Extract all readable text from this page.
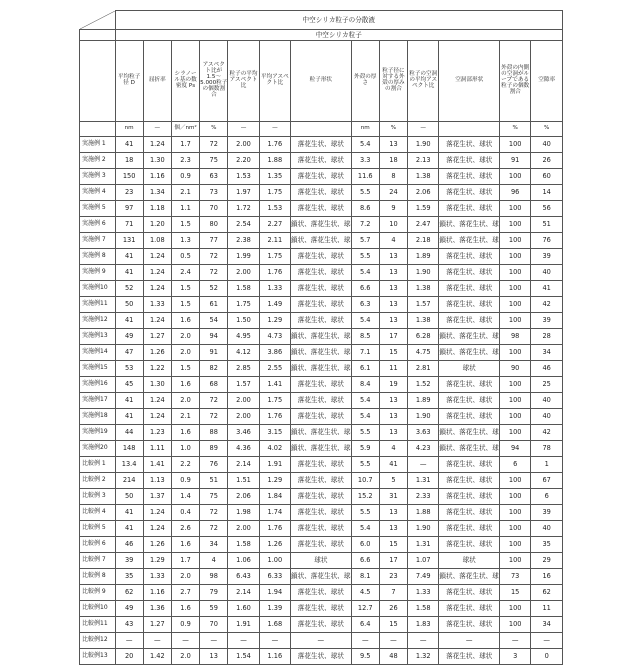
	中空シリカ粒子の分散液
	中空シリカ粒子
	平均粒子径 D	屈折率	シラノール基の数密度 Ps	アスペクト比が1.5〜5.000粒子の個数割合	粒子の平均アスペクト比	平均アスペクト比	粒子形状	外殻の厚さ	粒子径に対する外殻の厚みの割合	粒子の空洞の平均アスペクト比	空洞部形状	外殻の内側の空洞がループである粒子の個数割合	空隙率
	nm	—	個／nm²	%	—	—		nm	%	—		%	%
実施例 1	41	1.24	1.7	72	2.00	1.76	落花生状、球状	5.4	13	1.90	落花生状、球状	100	40
実施例 2	18	1.30	2.3	75	2.20	1.88	落花生状、球状	3.3	18	2.13	落花生状、球状	91	26
実施例 3	150	1.16	0.9	63	1.53	1.35	落花生状、球状	11.6	8	1.38	落花生状、球状	100	60
実施例 4	23	1.34	2.1	73	1.97	1.75	落花生状、球状	5.5	24	2.06	落花生状、球状	96	14
実施例 5	97	1.18	1.1	70	1.72	1.53	落花生状、球状	8.6	9	1.59	落花生状、球状	100	56
実施例 6	71	1.20	1.5	80	2.54	2.27	鎖状、落花生状、球状	7.2	10	2.47	鎖状、落花生状、球状	100	51
実施例 7	131	1.08	1.3	77	2.38	2.11	鎖状、落花生状、球状	5.7	4	2.18	鎖状、落花生状、球状	100	76
実施例 8	41	1.24	0.5	72	1.99	1.75	落花生状、球状	5.5	13	1.89	落花生状、球状	100	39
実施例 9	41	1.24	2.4	72	2.00	1.76	落花生状、球状	5.4	13	1.90	落花生状、球状	100	40
実施例10	52	1.24	1.5	52	1.58	1.33	落花生状、球状	6.6	13	1.38	落花生状、球状	100	41
実施例11	50	1.33	1.5	61	1.75	1.49	落花生状、球状	6.3	13	1.57	落花生状、球状	100	42
実施例12	41	1.24	1.6	54	1.50	1.29	落花生状、球状	5.4	13	1.38	落花生状、球状	100	39
実施例13	49	1.27	2.0	94	4.95	4.73	鎖状、落花生状、球状	8.5	17	6.28	鎖状、落花生状、球状	98	28
実施例14	47	1.26	2.0	91	4.12	3.86	鎖状、落花生状、球状	7.1	15	4.75	鎖状、落花生状、球状	100	34
実施例15	53	1.22	1.5	82	2.85	2.55	鎖状、落花生状、球状	6.1	11	2.81	球状	90	46
実施例16	45	1.30	1.6	68	1.57	1.41	落花生状、球状	8.4	19	1.52	落花生状、球状	100	25
実施例17	41	1.24	2.0	72	2.00	1.75	落花生状、球状	5.4	13	1.89	落花生状、球状	100	40
実施例18	41	1.24	2.1	72	2.00	1.76	落花生状、球状	5.4	13	1.90	落花生状、球状	100	40
実施例19	44	1.23	1.6	88	3.46	3.15	鎖状、落花生状、球状	5.5	13	3.63	鎖状、落花生状、球状	100	42
実施例20	148	1.11	1.0	89	4.36	4.02	鎖状、落花生状、球状	5.9	4	4.23	鎖状、落花生状、球状	94	78
比較例 1	13.4	1.41	2.2	76	2.14	1.91	落花生状、球状	5.5	41	—	落花生状、球状	6	1
比較例 2	214	1.13	0.9	51	1.51	1.29	落花生状、球状	10.7	5	1.31	落花生状、球状	100	67
比較例 3	50	1.37	1.4	75	2.06	1.84	落花生状、球状	15.2	31	2.33	落花生状、球状	100	6
比較例 4	41	1.24	0.4	72	1.98	1.74	落花生状、球状	5.5	13	1.88	落花生状、球状	100	39
比較例 5	41	1.24	2.6	72	2.00	1.76	落花生状、球状	5.4	13	1.90	落花生状、球状	100	40
比較例 6	46	1.26	1.6	34	1.58	1.26	落花生状、球状	6.0	15	1.31	落花生状、球状	100	35
比較例 7	39	1.29	1.7	4	1.06	1.00	球状	6.6	17	1.07	球状	100	29
比較例 8	35	1.33	2.0	98	6.43	6.33	鎖状、落花生状、球状	8.1	23	7.49	鎖状、落花生状、球状	73	16
比較例 9	62	1.16	2.7	79	2.14	1.94	落花生状、球状	4.5	7	1.33	落花生状、球状	15	62
比較例10	49	1.36	1.6	59	1.60	1.39	落花生状、球状	12.7	26	1.58	落花生状、球状	100	11
比較例11	43	1.27	0.9	70	1.91	1.68	落花生状、球状	6.4	15	1.83	落花生状、球状	100	34
比較例12	—	—	—	—	—	—	—	—	—	—	—	—	—
比較例13	20	1.42	2.0	13	1.54	1.16	落花生状、球状	9.5	48	1.32	落花生状、球状	3	0
